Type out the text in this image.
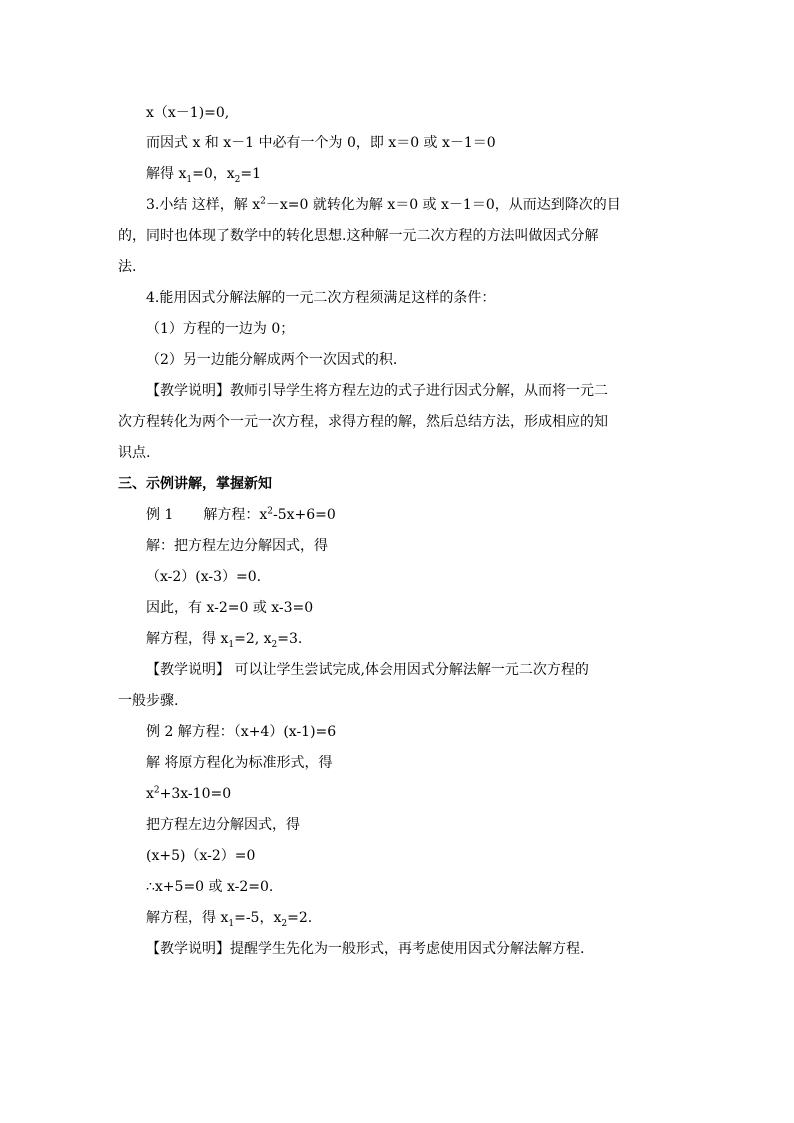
x（x－1)=0,
而因式 x 和 x－1 中必有一个为 0，即 x＝0 或 x－1＝0
解得 $x_1=0$，$x_2=1$
3.小结 这样，解 $x^2-x=0$ 就转化为解 x＝0 或 x－1＝0，从而达到降次的目
的，同时也体现了数学中的转化思想.这种解一元二次方程的方法叫做因式分解
法.
4.能用因式分解法解的一元二次方程须满足这样的条件：
（1）方程的一边为 0；
（2）另一边能分解成两个一次因式的积.
【教学说明】教师引导学生将方程左边的式子进行因式分解，从而将一元二
次方程转化为两个一元一次方程，求得方程的解，然后总结方法，形成相应的知
识点.
三、示例讲解，掌握新知
例 1 解方程：$x^2-5x+6=0$
解：把方程左边分解因式，得
（x-2）(x-3）=0.
因此，有 x-2=0 或 x-3=0
解方程，得 $x_1=2$, $x_2=3$.
【教学说明】 可以让学生尝试完成,体会用因式分解法解一元二次方程的
一般步骤.
例 2 解方程：（x+4）(x-1)=6
解 将原方程化为标准形式，得
$x^2+3x-10=0$
把方程左边分解因式，得
(x+5)（x-2）=0
∴x+5=0 或 x-2=0.
解方程，得 $x_1=-5$，$x_2=2$.
【教学说明】提醒学生先化为一般形式，再考虑使用因式分解法解方程.
